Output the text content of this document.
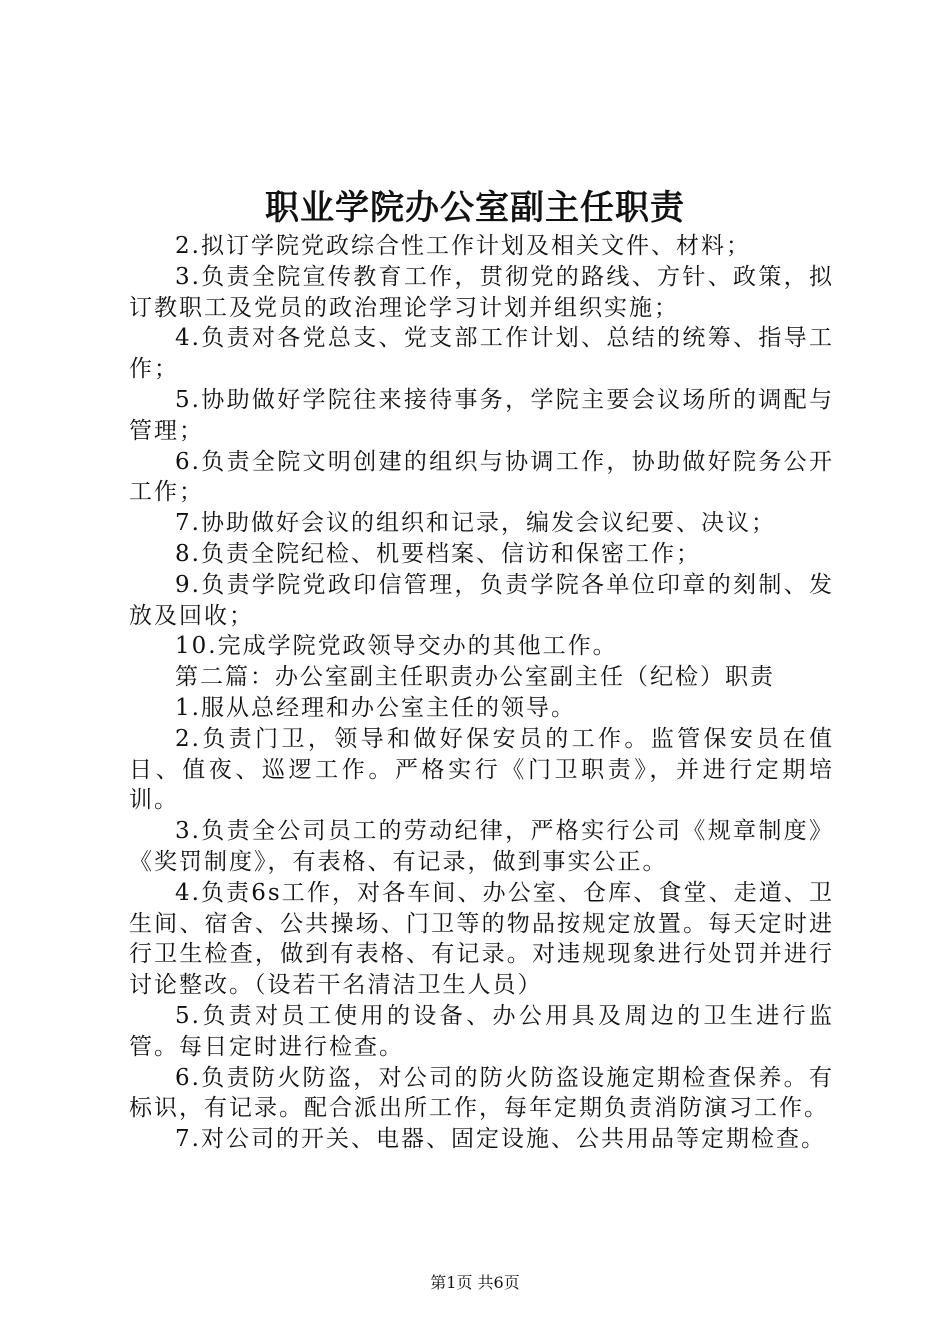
职业学院办公室副主任职责

2.拟订学院党政综合性工作计划及相关文件、材料；

3.负责全院宣传教育工作，贯彻党的路线、方针、政策，拟订教职工及党员的政治理论学习计划并组织实施；

4.负责对各党总支、党支部工作计划、总结的统筹、指导工作；

5.协助做好学院往来接待事务，学院主要会议场所的调配与管理；

6.负责全院文明创建的组织与协调工作，协助做好院务公开工作；

7.协助做好会议的组织和记录，编发会议纪要、决议；

8.负责全院纪检、机要档案、信访和保密工作；

9.负责学院党政印信管理，负责学院各单位印章的刻制、发放及回收；

10.完成学院党政领导交办的其他工作。

第二篇：办公室副主任职责办公室副主任（纪检）职责

1.服从总经理和办公室主任的领导。

2.负责门卫，领导和做好保安员的工作。监管保安员在值日、值夜、巡逻工作。严格实行《门卫职责》，并进行定期培训。

3.负责全公司员工的劳动纪律，严格实行公司《规章制度》《奖罚制度》，有表格、有记录，做到事实公正。

4.负责6s工作，对各车间、办公室、仓库、食堂、走道、卫生间、宿舍、公共操场、门卫等的物品按规定放置。每天定时进行卫生检查，做到有表格、有记录。对违规现象进行处罚并进行讨论整改。（设若干名清洁卫生人员）

5.负责对员工使用的设备、办公用具及周边的卫生进行监管。每日定时进行检查。

6.负责防火防盗，对公司的防火防盗设施定期检查保养。有标识，有记录。配合派出所工作，每年定期负责消防演习工作。

7.对公司的开关、电器、固定设施、公共用品等定期检查。

第1页 共6页
